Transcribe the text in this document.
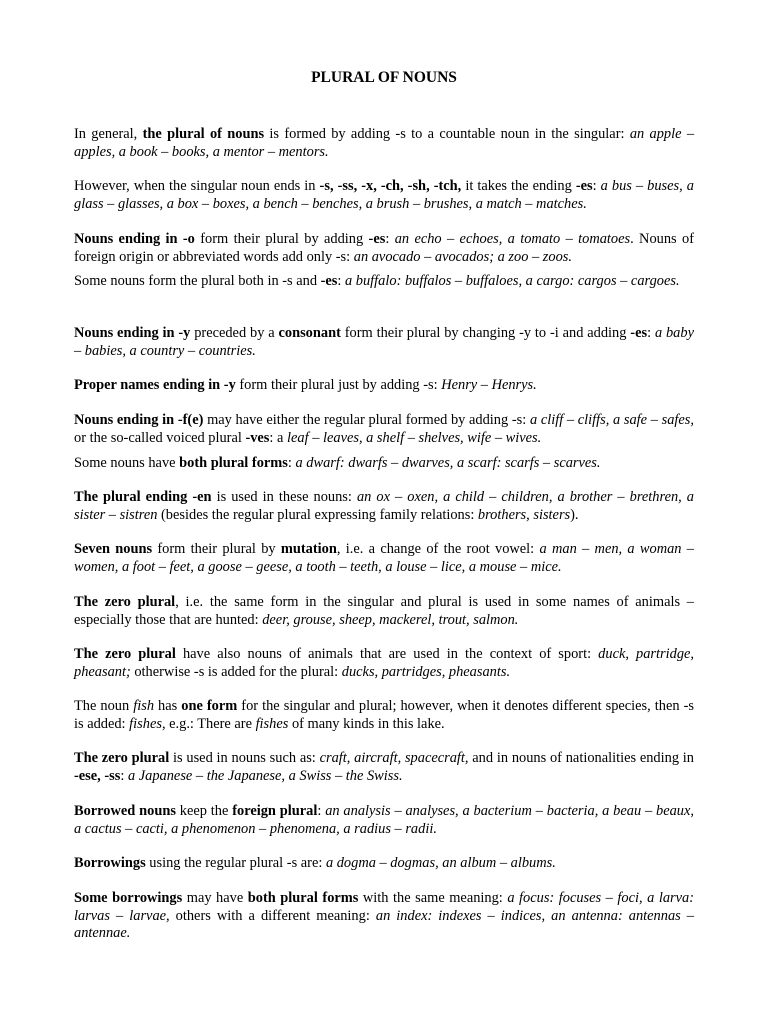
PLURAL OF NOUNS

In general, the plural of nouns is formed by adding -s to a countable noun in the singular: an apple – apples, a book – books, a mentor – mentors.

However, when the singular noun ends in -s, -ss, -x, -ch, -sh, -tch, it takes the ending -es: a bus – buses, a glass – glasses, a box – boxes, a bench – benches, a brush – brushes, a match – matches.

Nouns ending in -o form their plural by adding -es: an echo – echoes, a tomato – tomatoes. Nouns of foreign origin or abbreviated words add only -s: an avocado – avocados; a zoo – zoos.

Some nouns form the plural both in -s and -es: a buffalo: buffalos – buffaloes, a cargo: cargos – cargoes.

Nouns ending in -y preceded by a consonant form their plural by changing -y to -i and adding -es: a baby – babies, a country – countries.

Proper names ending in -y form their plural just by adding -s: Henry – Henrys.

Nouns ending in -f(e) may have either the regular plural formed by adding -s: a cliff – cliffs, a safe – safes, or the so-called voiced plural -ves: a leaf – leaves, a shelf – shelves, wife – wives.

Some nouns have both plural forms: a dwarf: dwarfs – dwarves, a scarf: scarfs – scarves.

The plural ending -en is used in these nouns: an ox – oxen, a child – children, a brother – brethren, a sister – sistren (besides the regular plural expressing family relations: brothers, sisters).

Seven nouns form their plural by mutation, i.e. a change of the root vowel: a man – men, a woman – women, a foot – feet, a goose – geese, a tooth – teeth, a louse – lice, a mouse – mice.

The zero plural, i.e. the same form in the singular and plural is used in some names of animals – especially those that are hunted: deer, grouse, sheep, mackerel, trout, salmon.

The zero plural have also nouns of animals that are used in the context of sport: duck, partridge, pheasant; otherwise -s is added for the plural: ducks, partridges, pheasants.

The noun fish has one form for the singular and plural; however, when it denotes different species, then -s is added: fishes, e.g.: There are fishes of many kinds in this lake.

The zero plural is used in nouns such as: craft, aircraft, spacecraft, and in nouns of nationalities ending in -ese, -ss: a Japanese – the Japanese, a Swiss – the Swiss.

Borrowed nouns keep the foreign plural: an analysis – analyses, a bacterium – bacteria, a beau – beaux, a cactus – cacti, a phenomenon – phenomena, a radius – radii.

Borrowings using the regular plural -s are: a dogma – dogmas, an album – albums.

Some borrowings may have both plural forms with the same meaning: a focus: focuses – foci, a larva: larvas – larvae, others with a different meaning: an index: indexes – indices, an antenna: antennas – antennae.
